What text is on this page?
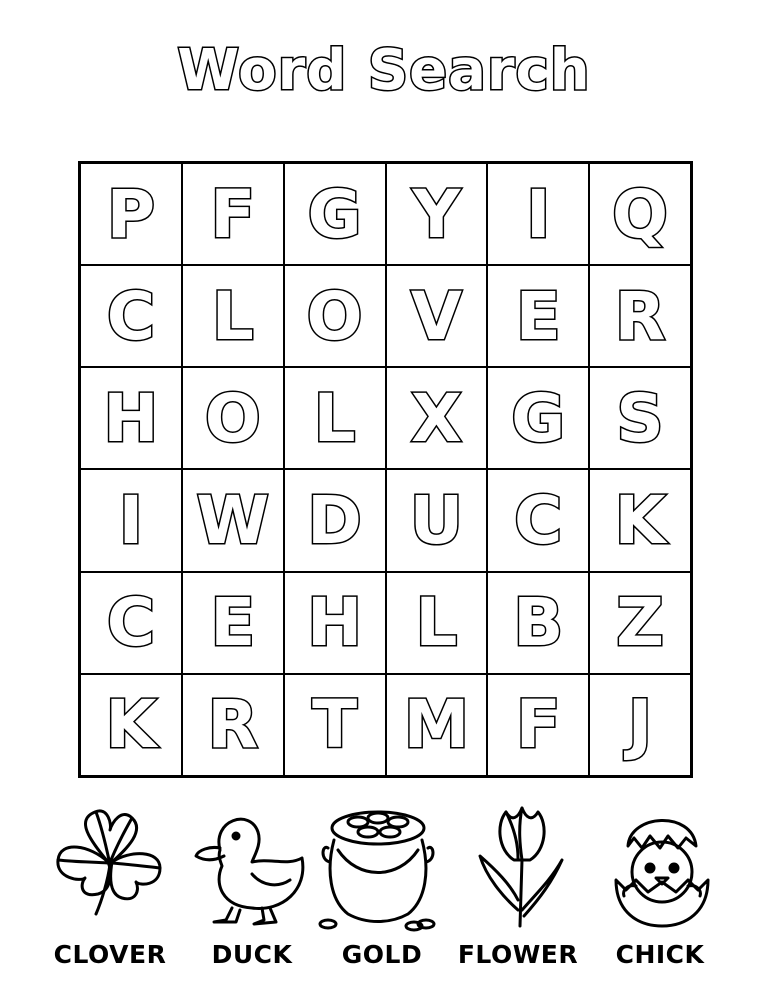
Word Search
P F G Y I Q
C L O V E R
H O L X G S
I W D U C K
C E H L B Z
K R T M F	J
CLOVER	DUCK	GOLD	FLOWER	CHICK
